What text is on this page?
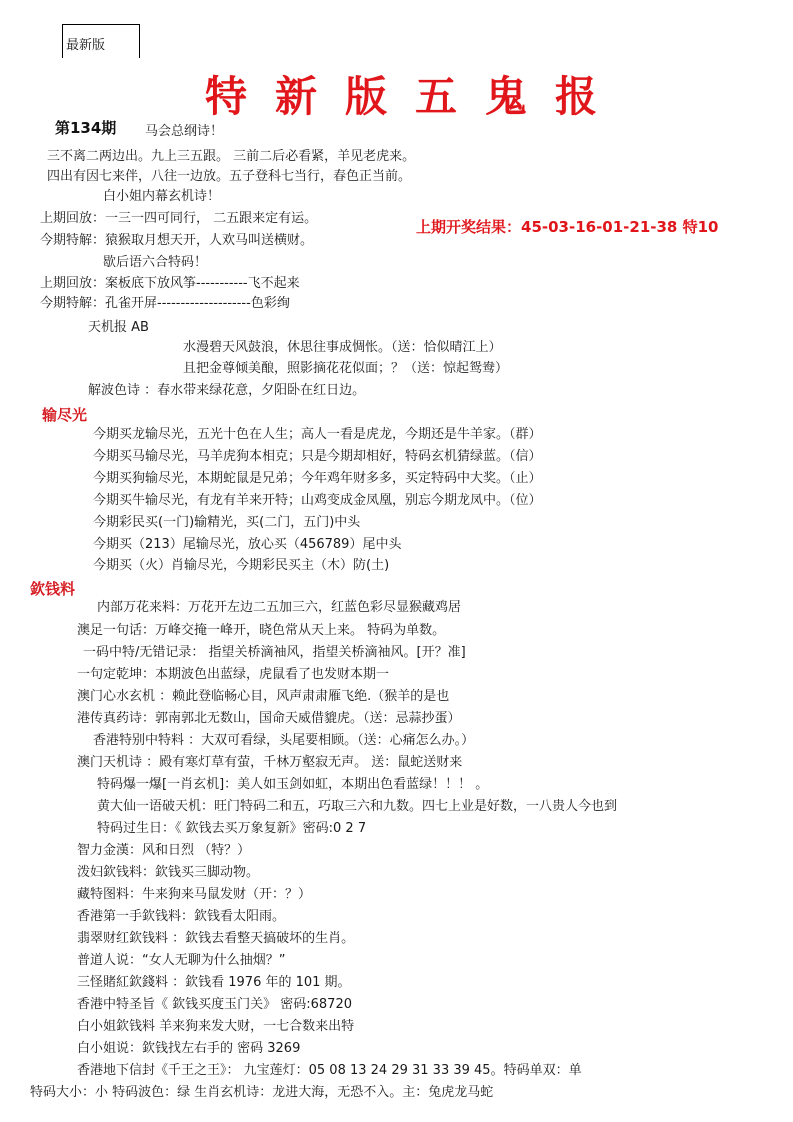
最新版
特新版五鬼报
第134期
上期开奖结果：45-03-16-01-21-38 特10
马会总纲诗！
三不离二两边出。九上三五跟。 三前二后必看紧，羊见老虎来。
四出有因七来伴，八往一边放。五子登科七当行，春色正当前。
白小姐内幕玄机诗！
上期回放：一三一四可同行， 二五跟来定有运。
今期特解：猿猴取月想天开，人欢马叫送横财。
歇后语六合特码！
上期回放：案板底下放风筝-----------飞不起来
今期特解：孔雀开屏--------------------色彩绚
天机报 AB
水漫碧天风鼓浪，休思往事成惆怅。（送：恰似晴江上）
且把金尊倾美酿，照影摘花花似面；？（送：惊起鸳鸯）
解波色诗 ：春水带来绿花意，夕阳卧在红日边。
输尽光
今期买龙输尽光，五光十色在人生；高人一看是虎龙，今期还是牛羊家。（群）
今期买马输尽光，马羊虎狗本相克；只是今期却相好，特码玄机猜绿蓝。（信）
今期买狗输尽光，本期蛇鼠是兄弟；今年鸡年财多多，买定特码中大奖。（止）
今期买牛输尽光，有龙有羊来开特；山鸡变成金凤凰，别忘今期龙凤中。（位）
今期彩民买(一门)输精光，买(二门，五门)中头
今期买（213）尾输尽光，放心买（456789）尾中头
今期买（火）肖输尽光，今期彩民买主（木）防(土)
欽钱料
内部万花来料：万花开左边二五加三六，红蓝色彩尽显猴藏鸡居
澳足一句话：万峰交掩一峰开，晓色常从天上来。 特码为单数。
一码中特/无错记录： 指望关桥滴袖风，指望关桥滴袖风。[开？准]
一句定乾坤：本期波色出蓝绿，虎鼠看了也发财本期一
澳门心水玄机 ：赖此登临畅心目，风声肃肃雁飞绝.（猴羊的是也
港传真药诗：郭南郭北无数山，国命天威借貔虎。（送：忌蒜抄蛋）
香港特别中特料 ：大双可看绿，头尾要相顾。（送：心痛怎么办。）
澳门天机诗 ：殿有寒灯草有萤，千林万壑寂无声。 送：鼠蛇送财来
特码爆一爆[一肖玄机]：美人如玉剑如虹，本期出色看蓝绿！！！ 。
黄大仙一语破天机：旺门特码二和五，巧取三六和九数。四七上业是好数，一八贵人今也到
特码过生日：《 欽钱去买万象复新》密码:0 2 7
智力金漢：风和日烈 （特？）
泼妇欽钱料：欽钱买三脚动物。
藏特图料：牛来狗来马鼠发财（开：？）
香港第一手欽钱料：欽钱看太阳雨。
翡翠财红欽钱料 ：欽钱去看整天搞破坏的生肖。
普道人说：“女人无聊为什么抽烟？”
三怪賭紅欽錢料 ：欽钱看 1976 年的 101 期。
香港中特圣旨《 欽钱买度玉门关》 密码:68720
白小姐欽钱料 羊来狗来发大财，一七合数来出特
白小姐说：欽钱找左右手的 密码 3269
香港地下信封《千王之王》： 九宝莲灯：05 08 13 24 29 31 33 39 45。特码单双：单
特码大小：小 特码波色：绿 生肖玄机诗：龙进大海，无恐不入。主：兔虎龙马蛇
